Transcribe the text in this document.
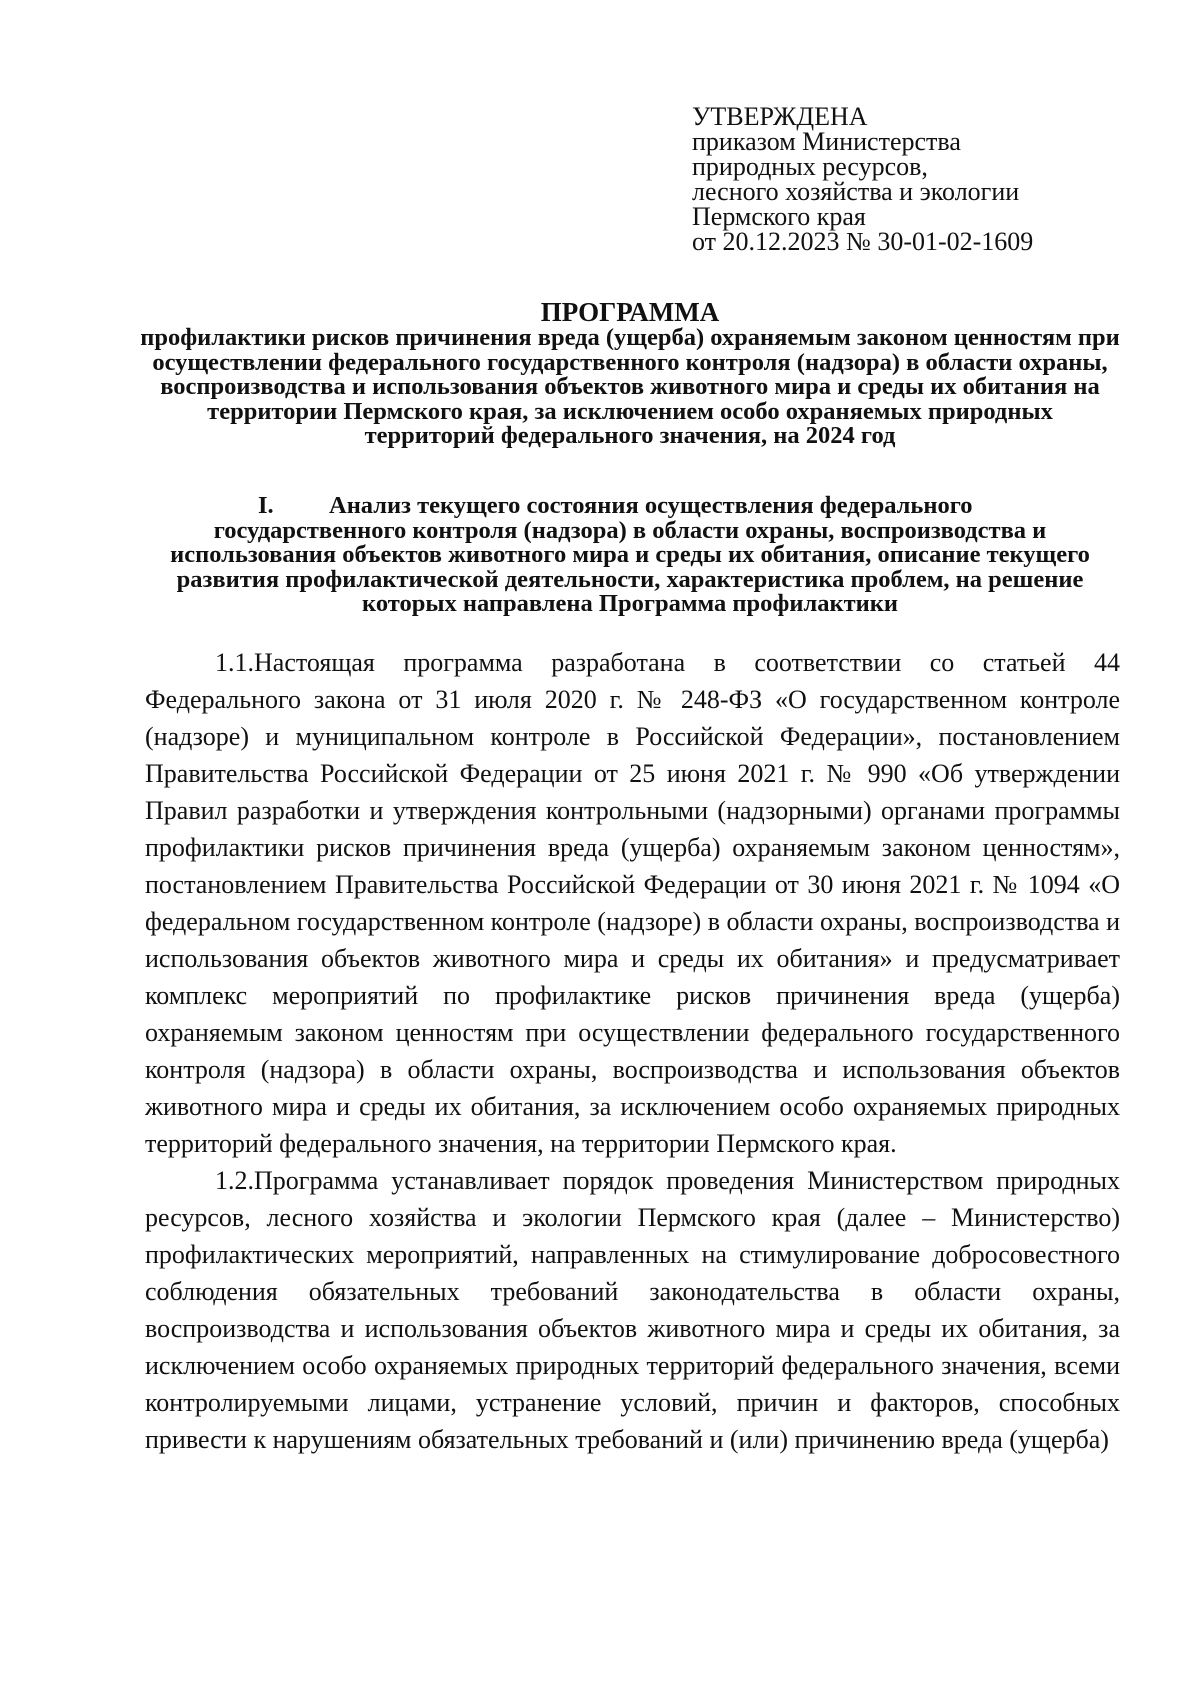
УТВЕРЖДЕНА
приказом Министерства
природных ресурсов,
лесного хозяйства и экологии
Пермского края
от 20.12.2023 № 30-01-02-1609
ПРОГРАММА
профилактики рисков причинения вреда (ущерба) охраняемым законом ценностям при осуществлении федерального государственного контроля (надзора) в области охраны, воспроизводства и использования объектов животного мира и среды их обитания на территории Пермского края, за исключением особо охраняемых природных территорий федерального значения, на 2024 год
I. Анализ текущего состояния осуществления федерального
государственного контроля (надзора) в области охраны, воспроизводства и использования объектов животного мира и среды их обитания, описание текущего развития профилактической деятельности, характеристика проблем, на решение которых направлена Программа профилактики

1.1.Настоящая программа разработана в соответствии со статьей 44 Федерального закона от 31 июля 2020 г. № 248-ФЗ «О государственном контроле (надзоре) и муниципальном контроле в Российской Федерации», постановлением Правительства Российской Федерации от 25 июня 2021 г. № 990 «Об утверждении Правил разработки и утверждения контрольными (надзорными) органами программы профилактики рисков причинения вреда (ущерба) охраняемым законом ценностям», постановлением Правительства Российской Федерации от 30 июня 2021 г. № 1094 «О федеральном государственном контроле (надзоре) в области охраны, воспроизводства и использования объектов животного мира и среды их обитания» и предусматривает комплекс мероприятий по профилактике рисков причинения вреда (ущерба) охраняемым законом ценностям при осуществлении федерального государственного контроля (надзора) в области охраны, воспроизводства и использования объектов животного мира и среды их обитания, за исключением особо охраняемых природных территорий федерального значения, на территории Пермского края.

1.2.Программа устанавливает порядок проведения Министерством природных ресурсов, лесного хозяйства и экологии Пермского края (далее – Министерство) профилактических мероприятий, направленных на стимулирование добросовестного соблюдения обязательных требований законодательства в области охраны, воспроизводства и использования объектов животного мира и среды их обитания, за исключением особо охраняемых природных территорий федерального значения, всеми контролируемыми лицами, устранение условий, причин и факторов, способных привести к нарушениям обязательных требований и (или) причинению вреда (ущерба)
